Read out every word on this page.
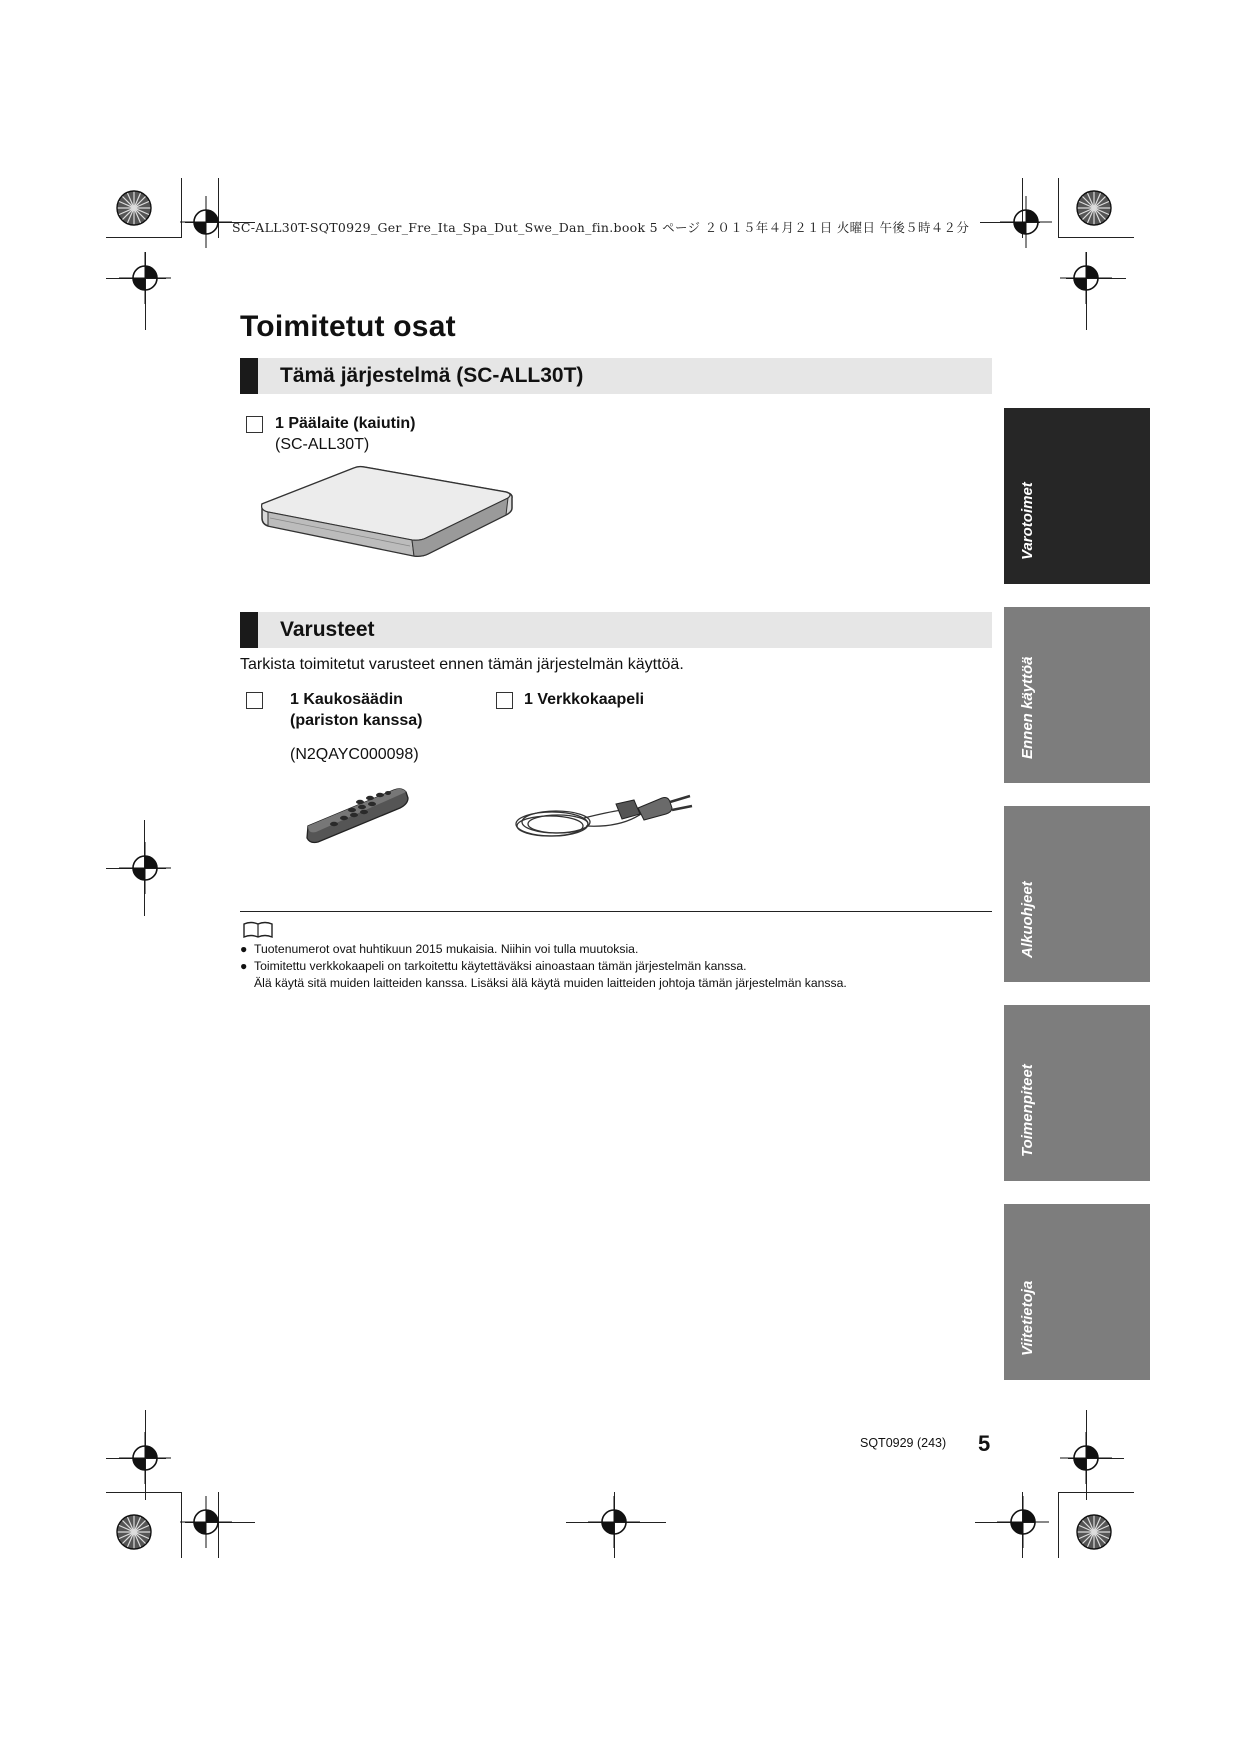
SC-ALL30T-SQT0929_Ger_Fre_Ita_Spa_Dut_Swe_Dan_fin.book 5 ページ ２０１５年４月２１日 火曜日 午後５時４２分
Toimitetut osat
Tämä järjestelmä (SC-ALL30T)
1 Päälaite (kaiutin)
(SC-ALL30T)
Varusteet
Tarkista toimitetut varusteet ennen tämän järjestelmän käyttöä.
1 Kaukosäädin
(pariston kanssa)
(N2QAYC000098)
1 Verkkokaapeli
● Tuotenumerot ovat huhtikuun 2015 mukaisia. Niihin voi tulla muutoksia.
● Toimitettu verkkokaapeli on tarkoitettu käytettäväksi ainoastaan tämän järjestelmän kanssa.
Älä käytä sitä muiden laitteiden kanssa. Lisäksi älä käytä muiden laitteiden johtoja tämän järjestelmän kanssa.
Varotoimet
Ennen käyttöä
Alkuohjeet
Toimenpiteet
Viitetietoja
SQT0929 (243) 5
